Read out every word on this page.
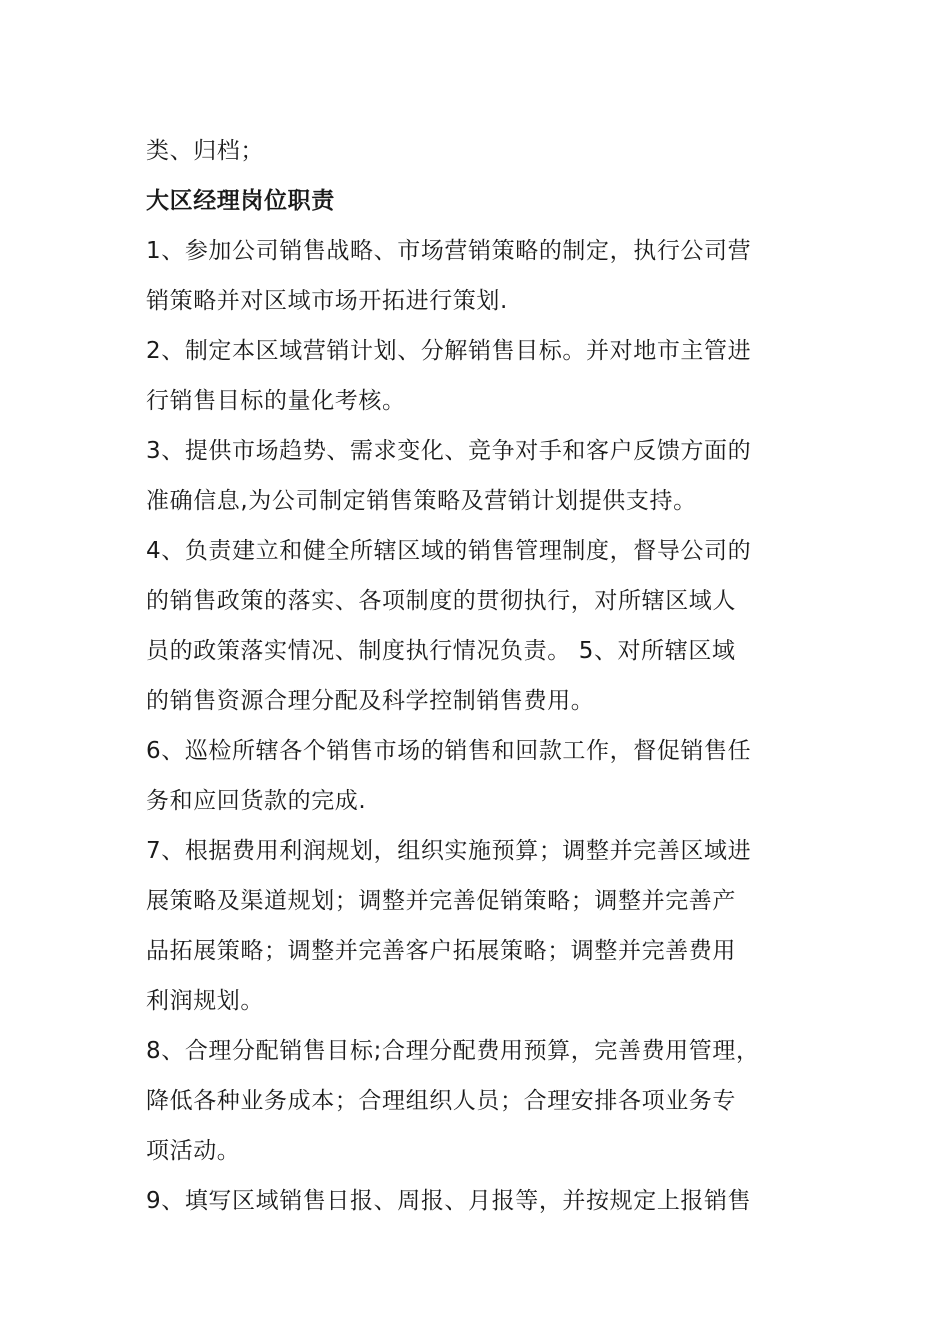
类、归档；

大区经理岗位职责

1、参加公司销售战略、市场营销策略的制定，执行公司营

销策略并对区域市场开拓进行策划.

2、制定本区域营销计划、分解销售目标。并对地市主管进

行销售目标的量化考核。

3、提供市场趋势、需求变化、竞争对手和客户反馈方面的

准确信息,为公司制定销售策略及营销计划提供支持。

4、负责建立和健全所辖区域的销售管理制度，督导公司的

的销售政策的落实、各项制度的贯彻执行，对所辖区域人

员的政策落实情况、制度执行情况负责。 5、对所辖区域

的销售资源合理分配及科学控制销售费用。

6、巡检所辖各个销售市场的销售和回款工作，督促销售任

务和应回货款的完成.

7、根据费用利润规划，组织实施预算；调整并完善区域进

展策略及渠道规划；调整并完善促销策略；调整并完善产

品拓展策略；调整并完善客户拓展策略；调整并完善费用

利润规划。

8、合理分配销售目标;合理分配费用预算，完善费用管理，

降低各种业务成本；合理组织人员；合理安排各项业务专

项活动。

9、填写区域销售日报、周报、月报等，并按规定上报销售
